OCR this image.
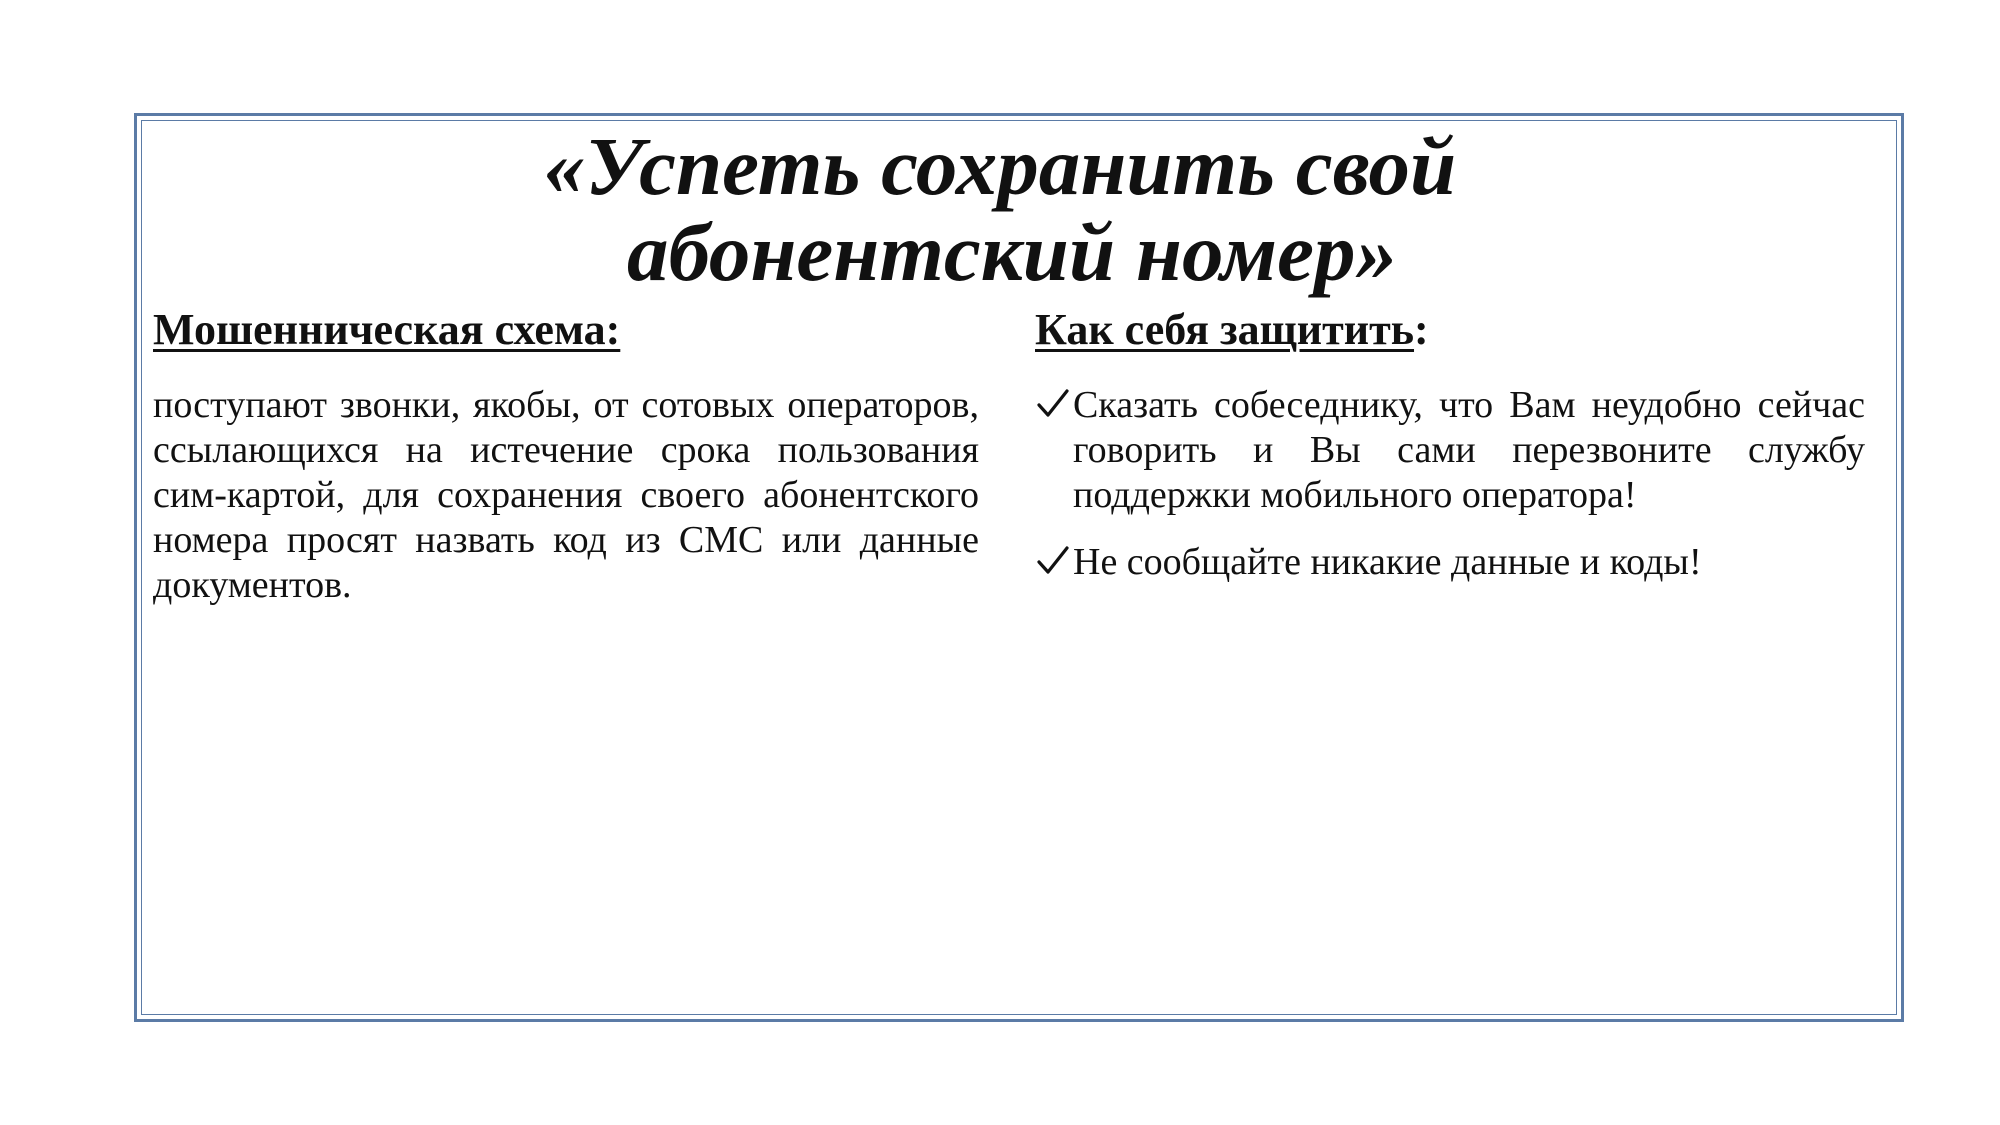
«Успеть сохранить свой
абонентский номер»
Мошенническая схема:

поступают звонки, якобы, от сотовых операторов, ссылающихся на истечение срока пользования сим-картой, для сохранения своего абонентского номера просят назвать код из СМС или данные документов.

Как себя защитить:
Сказать собеседнику, что Вам неудобно сейчас говорить и Вы сами перезвоните службу поддержки мобильного оператора!
Не сообщайте никакие данные и коды!
